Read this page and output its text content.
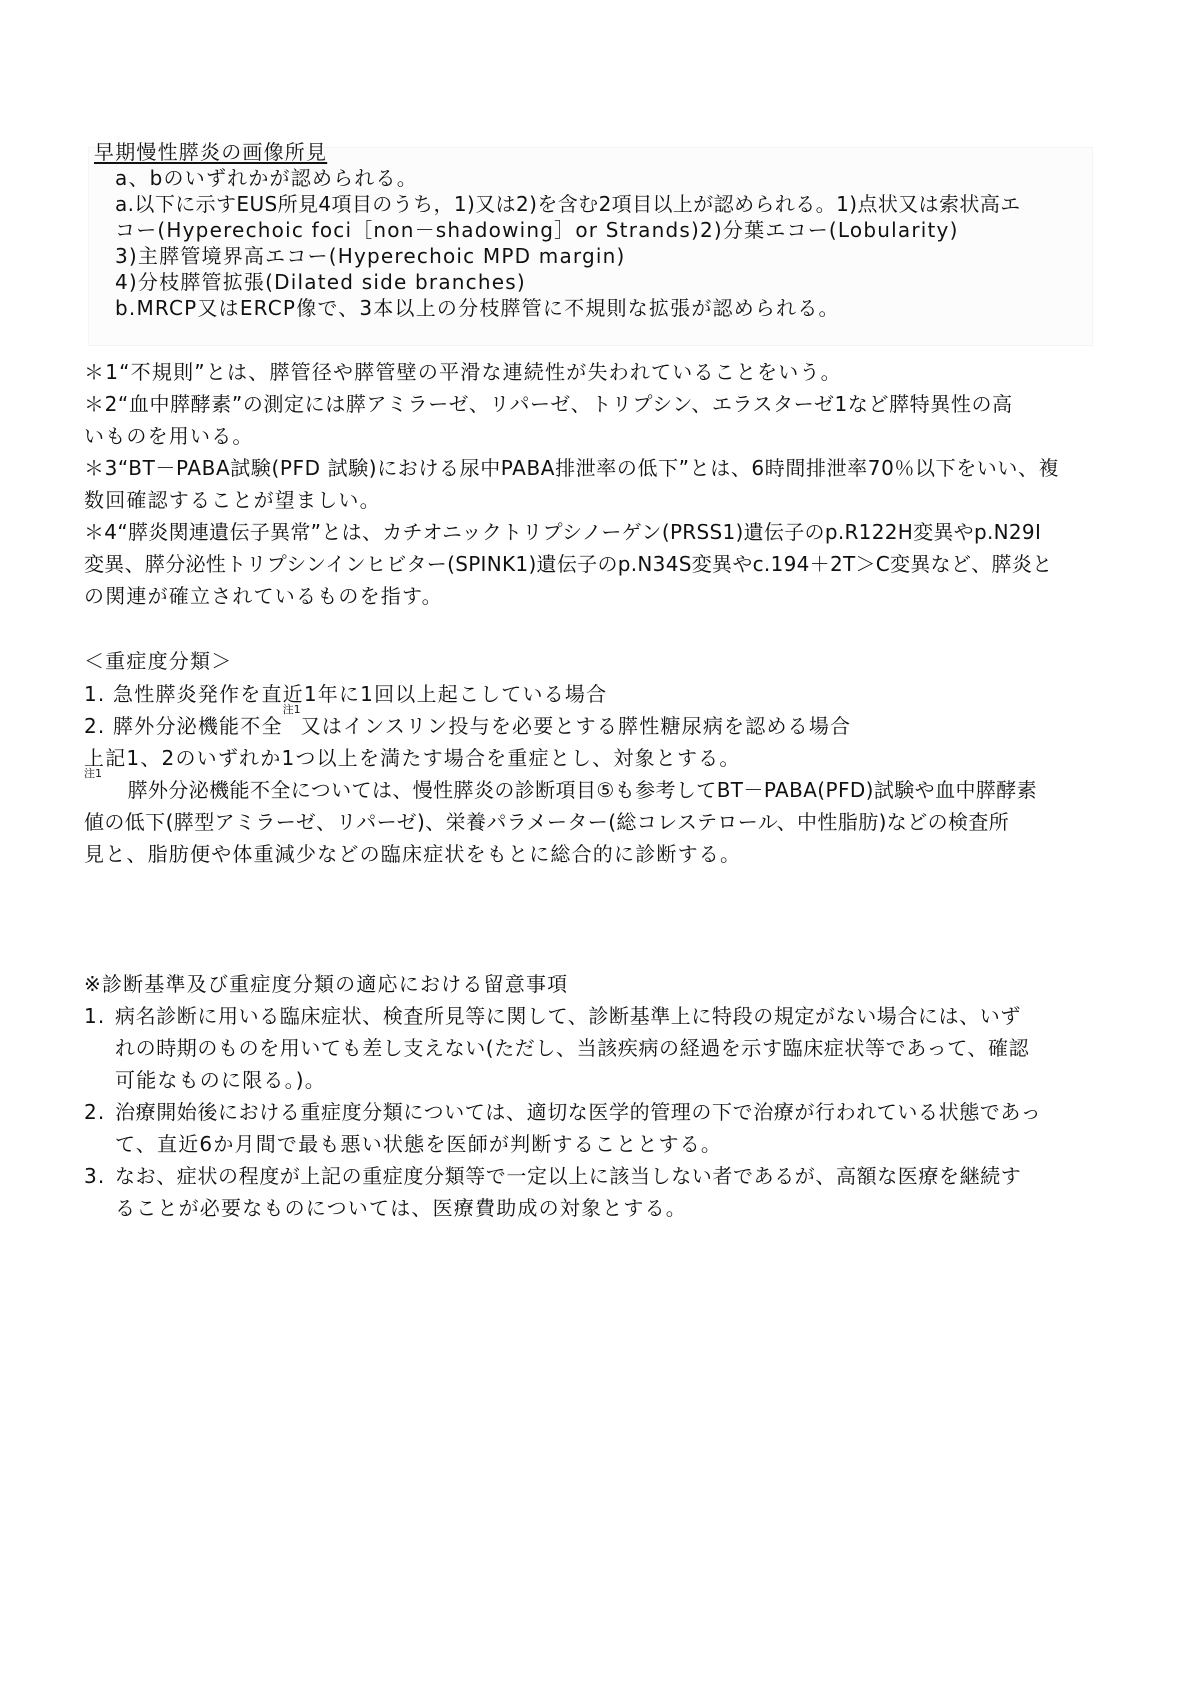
早期慢性膵炎の画像所見
a、bのいずれかが認められる。
a.以下に示すEUS所見4項目のうち，1)又は2)を含む2項目以上が認められる。1)点状又は索状高エ
コー(Hyperechoic foci［non－shadowing］or Strands)2)分葉エコー(Lobularity)
3)主膵管境界高エコー(Hyperechoic MPD margin)
4)分枝膵管拡張(Dilated side branches)
b.MRCP又はERCP像で、3本以上の分枝膵管に不規則な拡張が認められる。
＊1“不規則”とは、膵管径や膵管壁の平滑な連続性が失われていることをいう。
＊2“血中膵酵素”の測定には膵アミラーゼ、リパーゼ、トリプシン、エラスターゼ1など膵特異性の高
いものを用いる。
＊3“BT－PABA試験(PFD 試験)における尿中PABA排泄率の低下”とは、6時間排泄率70％以下をいい、複
数回確認することが望ましい。
＊4“膵炎関連遺伝子異常”とは、カチオニックトリプシノーゲン(PRSS1)遺伝子のp.R122H変異やp.N29I
変異、膵分泌性トリプシンインヒビター(SPINK1)遺伝子のp.N34S変異やc.194＋2T＞C変異など、膵炎と
の関連が確立されているものを指す。
＜重症度分類＞
1. 急性膵炎発作を直近1年に1回以上起こしている場合
2. 膵外分泌機能不全$^{注1}$又はインスリン投与を必要とする膵性糖尿病を認める場合
上記1、2のいずれか1つ以上を満たす場合を重症とし、対象とする。
$^{注1}$ 膵外分泌機能不全については、慢性膵炎の診断項目⑤も参考してBT－PABA(PFD)試験や血中膵酵素
値の低下(膵型アミラーゼ、リパーゼ)、栄養パラメーター(総コレステロール、中性脂肪)などの検査所
見と、脂肪便や体重減少などの臨床症状をもとに総合的に診断する。
※診断基準及び重症度分類の適応における留意事項
1. 病名診断に用いる臨床症状、検査所見等に関して、診断基準上に特段の規定がない場合には、いず
れの時期のものを用いても差し支えない(ただし、当該疾病の経過を示す臨床症状等であって、確認
可能なものに限る。)。
2. 治療開始後における重症度分類については、適切な医学的管理の下で治療が行われている状態であっ
て、直近6か月間で最も悪い状態を医師が判断することとする。
3. なお、症状の程度が上記の重症度分類等で一定以上に該当しない者であるが、高額な医療を継続す
ることが必要なものについては、医療費助成の対象とする。
